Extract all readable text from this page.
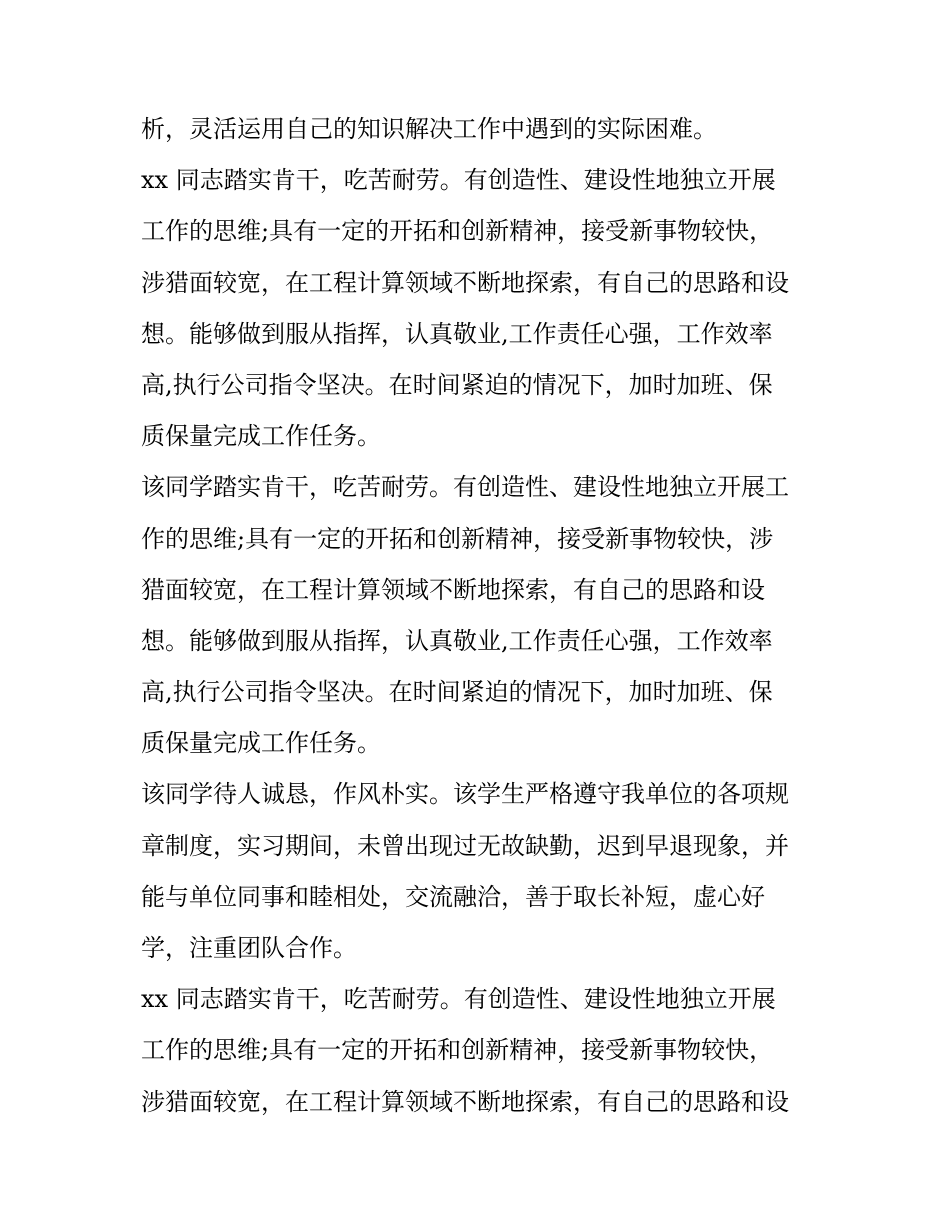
析，灵活运用自己的知识解决工作中遇到的实际困难。
xx 同志踏实肯干，吃苦耐劳。有创造性、建设性地独立开展
工作的思维;具有一定的开拓和创新精神，接受新事物较快，
涉猎面较宽，在工程计算领域不断地探索，有自己的思路和设
想。能够做到服从指挥，认真敬业,工作责任心强，工作效率
高,执行公司指令坚决。在时间紧迫的情况下，加时加班、保
质保量完成工作任务。
该同学踏实肯干，吃苦耐劳。有创造性、建设性地独立开展工
作的思维;具有一定的开拓和创新精神，接受新事物较快，涉
猎面较宽，在工程计算领域不断地探索，有自己的思路和设
想。能够做到服从指挥，认真敬业,工作责任心强，工作效率
高,执行公司指令坚决。在时间紧迫的情况下，加时加班、保
质保量完成工作任务。
该同学待人诚恳，作风朴实。该学生严格遵守我单位的各项规
章制度，实习期间，未曾出现过无故缺勤，迟到早退现象，并
能与单位同事和睦相处，交流融洽，善于取长补短，虚心好
学，注重团队合作。
xx 同志踏实肯干，吃苦耐劳。有创造性、建设性地独立开展
工作的思维;具有一定的开拓和创新精神，接受新事物较快，
涉猎面较宽，在工程计算领域不断地探索，有自己的思路和设
